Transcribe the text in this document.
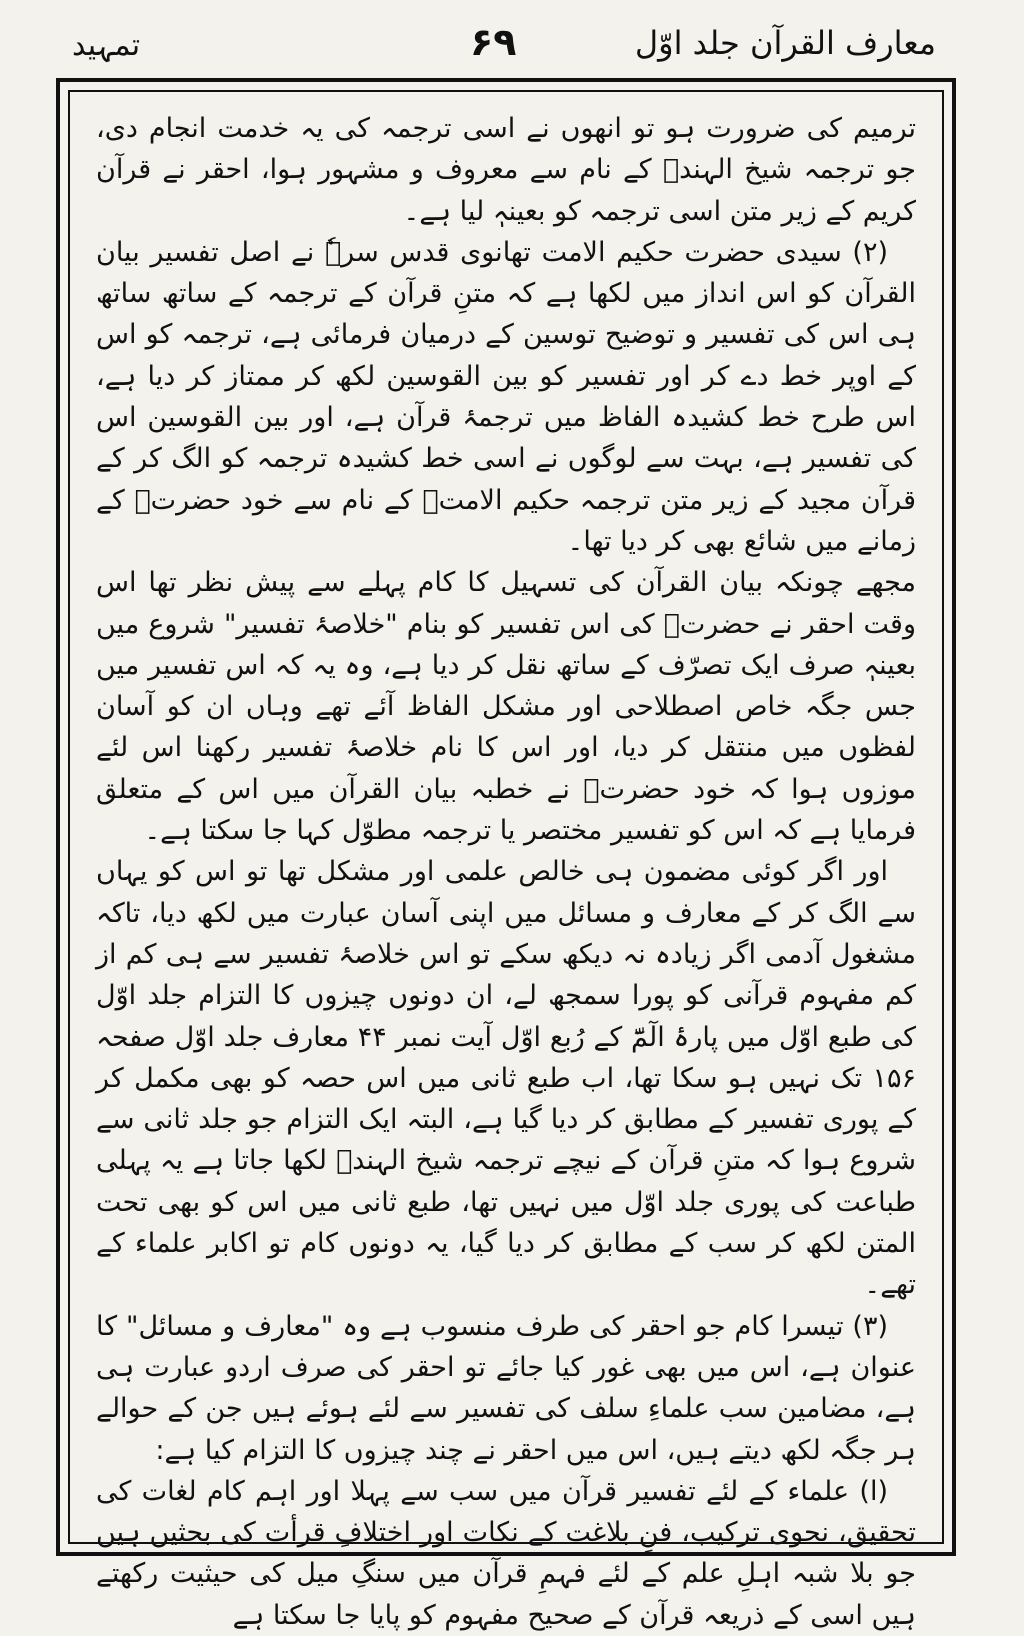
تمہید	۶۹	معارف القرآن جلد اوّل

ترمیم کی ضرورت ہو تو انھوں نے اسی ترجمہ کی یہ خدمت انجام دی، جو ترجمہ شیخ الہندؒ کے نام سے معروف و مشہور ہوا، احقر نے قرآن کریم کے زیر متن اسی ترجمہ کو بعینہٖ لیا ہے۔

(۲) سیدی حضرت حکیم الامت تھانوی قدس سرہٗ نے اصل تفسیر بیان القرآن کو اس انداز میں لکھا ہے کہ متنِ قرآن کے ترجمہ کے ساتھ ساتھ ہی اس کی تفسیر و توضیح توسین کے درمیان فرمائی ہے، ترجمہ کو اس کے اوپر خط دے کر اور تفسیر کو بین القوسین لکھ کر ممتاز کر دیا ہے، اس طرح خط کشیدہ الفاظ میں ترجمۂ قرآن ہے، اور بین القوسین اس کی تفسیر ہے، بہت سے لوگوں نے اسی خط کشیدہ ترجمہ کو الگ کر کے قرآن مجید کے زیر متن ترجمہ حکیم الامتؒ کے نام سے خود حضرتؒ کے زمانے میں شائع بھی کر دیا تھا۔

مجھے چونکہ بیان القرآن کی تسہیل کا کام پہلے سے پیش نظر تھا اس وقت احقر نے حضرتؒ کی اس تفسیر کو بنام "خلاصۂ تفسیر" شروع میں بعینہٖ صرف ایک تصرّف کے ساتھ نقل کر دیا ہے، وہ یہ کہ اس تفسیر میں جس جگہ خاص اصطلاحی اور مشکل الفاظ آئے تھے وہاں ان کو آسان لفظوں میں منتقل کر دیا، اور اس کا نام خلاصۂ تفسیر رکھنا اس لئے موزوں ہوا کہ خود حضرتؒ نے خطبہ بیان القرآن میں اس کے متعلق فرمایا ہے کہ اس کو تفسیر مختصر یا ترجمہ مطوّل کہا جا سکتا ہے۔

اور اگر کوئی مضمون ہی خالص علمی اور مشکل تھا تو اس کو یہاں سے الگ کر کے معارف و مسائل میں اپنی آسان عبارت میں لکھ دیا، تاکہ مشغول آدمی اگر زیادہ نہ دیکھ سکے تو اس خلاصۂ تفسیر سے ہی کم از کم مفہوم قرآنی کو پورا سمجھ لے، ان دونوں چیزوں کا التزام جلد اوّل کی طبع اوّل میں پارۂ الٓمّٓ کے رُبع اوّل آیت نمبر ۴۴ معارف جلد اوّل صفحہ ۱۵۶ تک نہیں ہو سکا تھا، اب طبع ثانی میں اس حصہ کو بھی مکمل کر کے پوری تفسیر کے مطابق کر دیا گیا ہے، البتہ ایک التزام جو جلد ثانی سے شروع ہوا کہ متنِ قرآن کے نیچے ترجمہ شیخ الہندؒ لکھا جاتا ہے یہ پہلی طباعت کی پوری جلد اوّل میں نہیں تھا، طبع ثانی میں اس کو بھی تحت المتن لکھ کر سب کے مطابق کر دیا گیا، یہ دونوں کام تو اکابر علماء کے تھے۔

(۳) تیسرا کام جو احقر کی طرف منسوب ہے وہ "معارف و مسائل" کا عنوان ہے، اس میں بھی غور کیا جائے تو احقر کی صرف اردو عبارت ہی ہے، مضامین سب علماءِ سلف کی تفسیر سے لئے ہوئے ہیں جن کے حوالے ہر جگہ لکھ دیتے ہیں، اس میں احقر نے چند چیزوں کا التزام کیا ہے:

(ا) علماء کے لئے تفسیر قرآن میں سب سے پہلا اور اہم کام لغات کی تحقیق، نحوی ترکیب، فنِ بلاغت کے نکات اور اختلافِ قرأت کی بحثیں ہیں جو بلا شبہ اہلِ علم کے لئے فہمِ قرآن میں سنگِ میل کی حیثیت رکھتے ہیں اسی کے ذریعہ قرآن کے صحیح مفہوم کو پایا جا سکتا ہے
